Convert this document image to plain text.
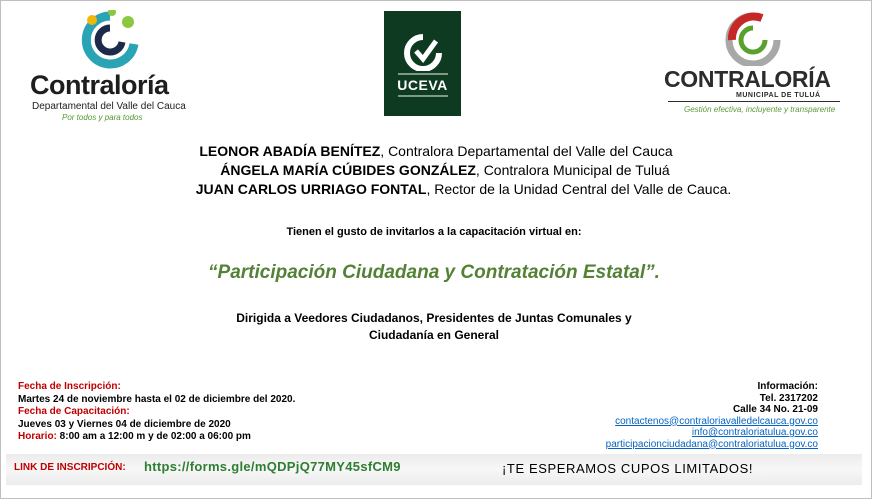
Contraloría
Departamental del Valle del Cauca
Por todos y para todos
UCEVA	CONTRALORÍA
MUNICIPAL DE TULUÁ
Gestión efectiva, incluyente y transparente
LEONOR ABADÍA BENÍTEZ, Contralora Departamental del Valle del Cauca
ÁNGELA MARÍA CÚBIDES GONZÁLEZ, Contralora Municipal de Tuluá
JUAN CARLOS URRIAGO FONTAL, Rector de la Unidad Central del Valle de Cauca.
Tienen el gusto de invitarlos a la capacitación virtual en:
“Participación Ciudadana y Contratación Estatal”.
Dirigida a Veedores Ciudadanos, Presidentes de Juntas Comunales y
Ciudadanía en General
Fecha de Inscripción:
Martes 24 de noviembre hasta el 02 de diciembre del 2020.
Fecha de Capacitación:
Jueves 03 y Viernes 04 de diciembre de 2020
Horario: 8:00 am a 12:00 m y de 02:00 a 06:00 pm
Información:
Tel. 2317202
Calle 34 No. 21-09
contactenos@contraloriavalledelcauca.gov.co
info@contraloriatulua.gov.co
participacionciudadana@contraloriatulua.gov.co
LINK DE INSCRIPCIÓN: https://forms.gle/mQDPjQ77MY45sfCM9	¡TE ESPERAMOS CUPOS LIMITADOS!
